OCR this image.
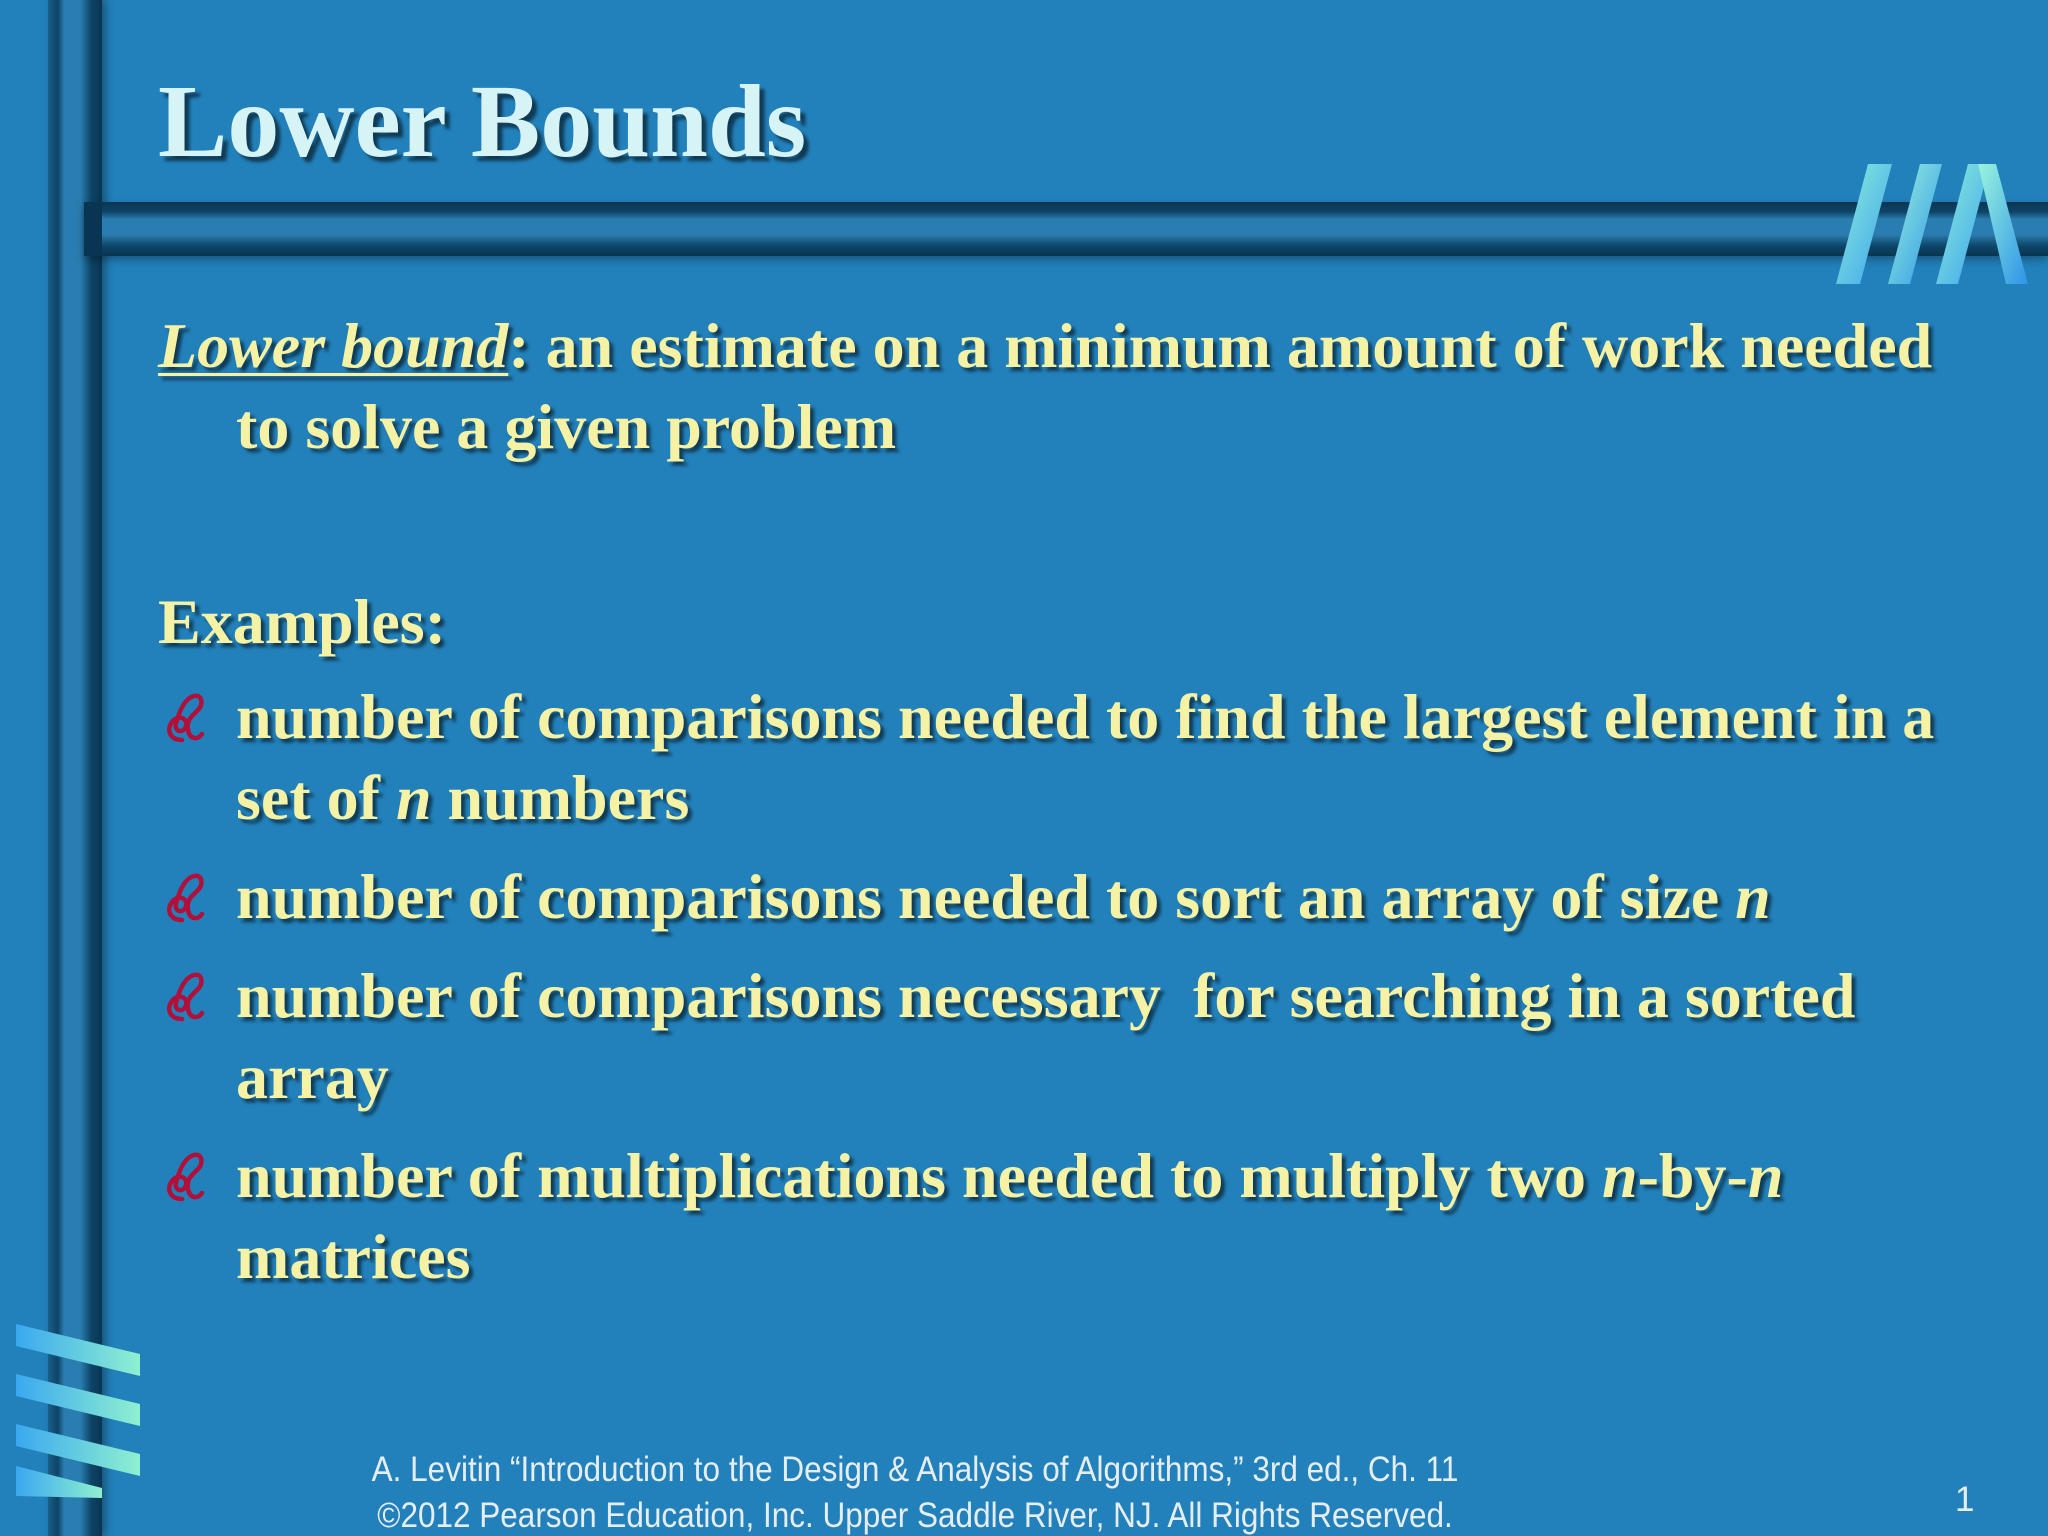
Lower Bounds

Lower bound: an estimate on a minimum amount of work needed to solve a given problem

Examples:

number of comparisons needed to find the largest element in a set of n numbers
number of comparisons needed to sort an array of size n
number of comparisons necessary  for searching in a sorted array
number of multiplications needed to multiply two n-by-n matrices
A. Levitin “Introduction to the Design & Analysis of Algorithms,” 3rd ed., Ch. 11 ©2012 Pearson Education, Inc. Upper Saddle River, NJ. All Rights Reserved.	1
